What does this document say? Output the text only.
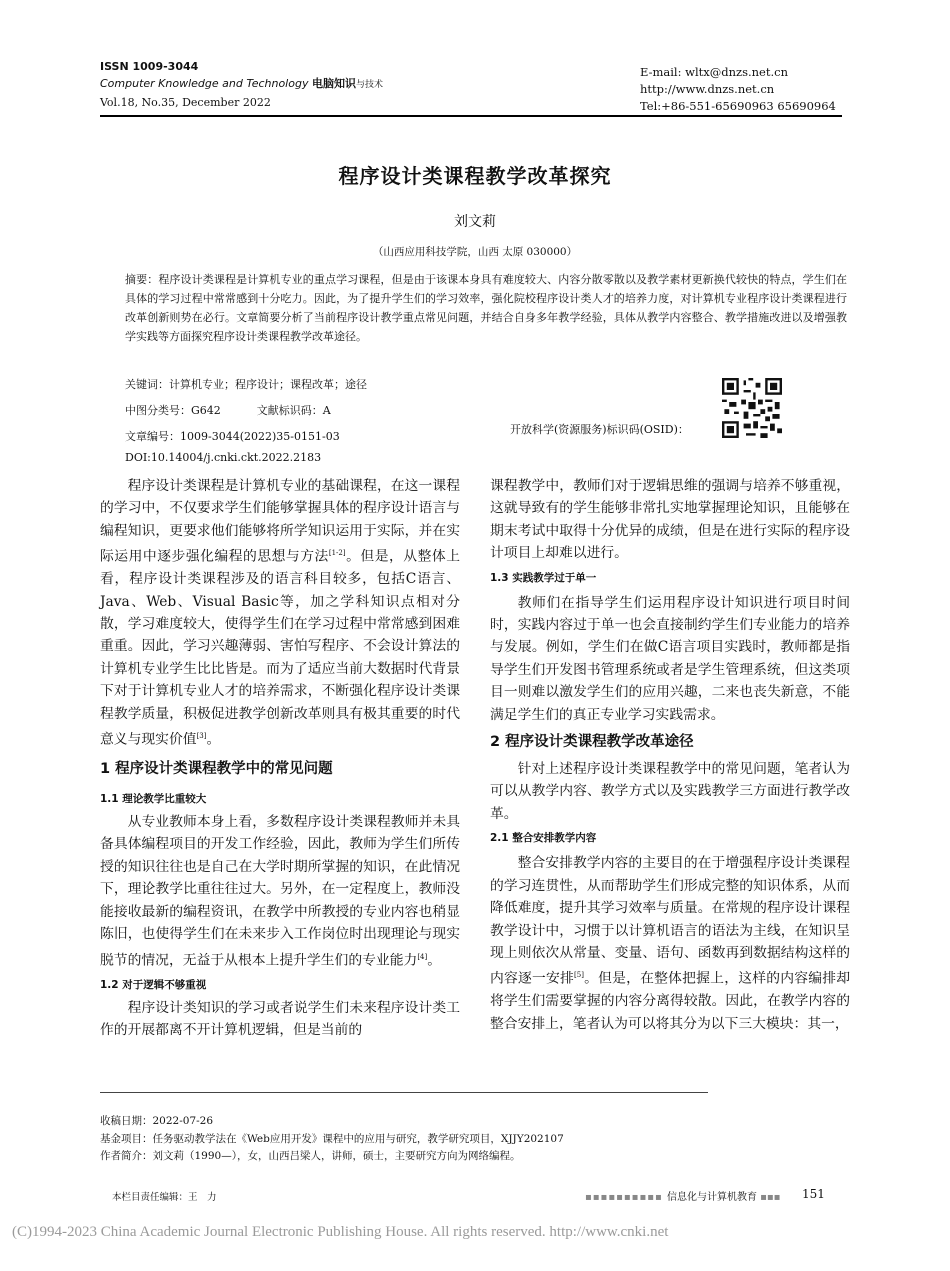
ISSN 1009-3044
Computer Knowledge and Technology 电脑知识与技术
Vol.18, No.35, December 2022
E-mail: wltx@dnzs.net.cn
http://www.dnzs.net.cn
Tel:+86-551-65690963 65690964
程序设计类课程教学改革探究
刘文莉
（山西应用科技学院，山西 太原 030000）
摘要：程序设计类课程是计算机专业的重点学习课程，但是由于该课本身具有难度较大、内容分散零散以及教学素材更新换代较快的特点，学生们在具体的学习过程中常常感到十分吃力。因此，为了提升学生们的学习效率，强化院校程序设计类人才的培养力度，对计算机专业程序设计类课程进行改革创新则势在必行。文章简要分析了当前程序设计教学重点常见问题，并结合自身多年教学经验，具体从教学内容整合、教学措施改进以及增强教学实践等方面探究程序设计类课程教学改革途径。
关键词：计算机专业；程序设计；课程改革；途径
中图分类号：G642	文献标识码：A
文章编号：1009-3044(2022)35-0151-03
DOI:10.14004/j.cnki.ckt.2022.2183
开放科学(资源服务)标识码(OSID)：

程序设计类课程是计算机专业的基础课程，在这一课程的学习中，不仅要求学生们能够掌握具体的程序设计语言与编程知识，更要求他们能够将所学知识运用于实际，并在实际运用中逐步强化编程的思想与方法[1-2]。但是，从整体上看，程序设计类课程涉及的语言科目较多，包括C语言、Java、Web、Visual Basic等，加之学科知识点相对分散，学习难度较大，使得学生们在学习过程中常常感到困难重重。因此，学习兴趣薄弱、害怕写程序、不会设计算法的计算机专业学生比比皆是。而为了适应当前大数据时代背景下对于计算机专业人才的培养需求，不断强化程序设计类课程教学质量，积极促进教学创新改革则具有极其重要的时代意义与现实价值[3]。

1 程序设计类课程教学中的常见问题
1.1 理论教学比重较大

从专业教师本身上看，多数程序设计类课程教师并未具备具体编程项目的开发工作经验，因此，教师为学生们所传授的知识往往也是自己在大学时期所掌握的知识，在此情况下，理论教学比重往往过大。另外，在一定程度上，教师没能接收最新的编程资讯，在教学中所教授的专业内容也稍显陈旧，也使得学生们在未来步入工作岗位时出现理论与现实脱节的情况，无益于从根本上提升学生们的专业能力[4]。

1.2 对于逻辑不够重视

程序设计类知识的学习或者说学生们未来程序设计类工作的开展都离不开计算机逻辑，但是当前的

课程教学中，教师们对于逻辑思维的强调与培养不够重视，这就导致有的学生能够非常扎实地掌握理论知识，且能够在期末考试中取得十分优异的成绩，但是在进行实际的程序设计项目上却难以进行。

1.3 实践教学过于单一

教师们在指导学生们运用程序设计知识进行项目时间时，实践内容过于单一也会直接制约学生们专业能力的培养与发展。例如，学生们在做C语言项目实践时，教师都是指导学生们开发图书管理系统或者是学生管理系统，但这类项目一则难以激发学生们的应用兴趣，二来也丧失新意，不能满足学生们的真正专业学习实践需求。

2 程序设计类课程教学改革途径

针对上述程序设计类课程教学中的常见问题，笔者认为可以从教学内容、教学方式以及实践教学三方面进行教学改革。

2.1 整合安排教学内容

整合安排教学内容的主要目的在于增强程序设计类课程的学习连贯性，从而帮助学生们形成完整的知识体系，从而降低难度，提升其学习效率与质量。在常规的程序设计课程教学设计中，习惯于以计算机语言的语法为主线，在知识呈现上则依次从常量、变量、语句、函数再到数据结构这样的内容逐一安排[5]。但是，在整体把握上，这样的内容编排却将学生们需要掌握的内容分离得较散。因此，在教学内容的整合安排上，笔者认为可以将其分为以下三大模块：其一，

收稿日期：2022-07-26
基金项目：任务驱动教学法在《Web应用开发》课程中的应用与研究，教学研究项目，XJJY202107
作者简介：刘文莉（1990—），女，山西吕梁人，讲师，硕士，主要研究方向为网络编程。
本栏目责任编辑：王　力	▪▪▪▪▪▪▪▪▪▪ 信息化与计算机教育 ▪▪▪ 151
(C)1994-2023 China Academic Journal Electronic Publishing House. All rights reserved. http://www.cnki.net
